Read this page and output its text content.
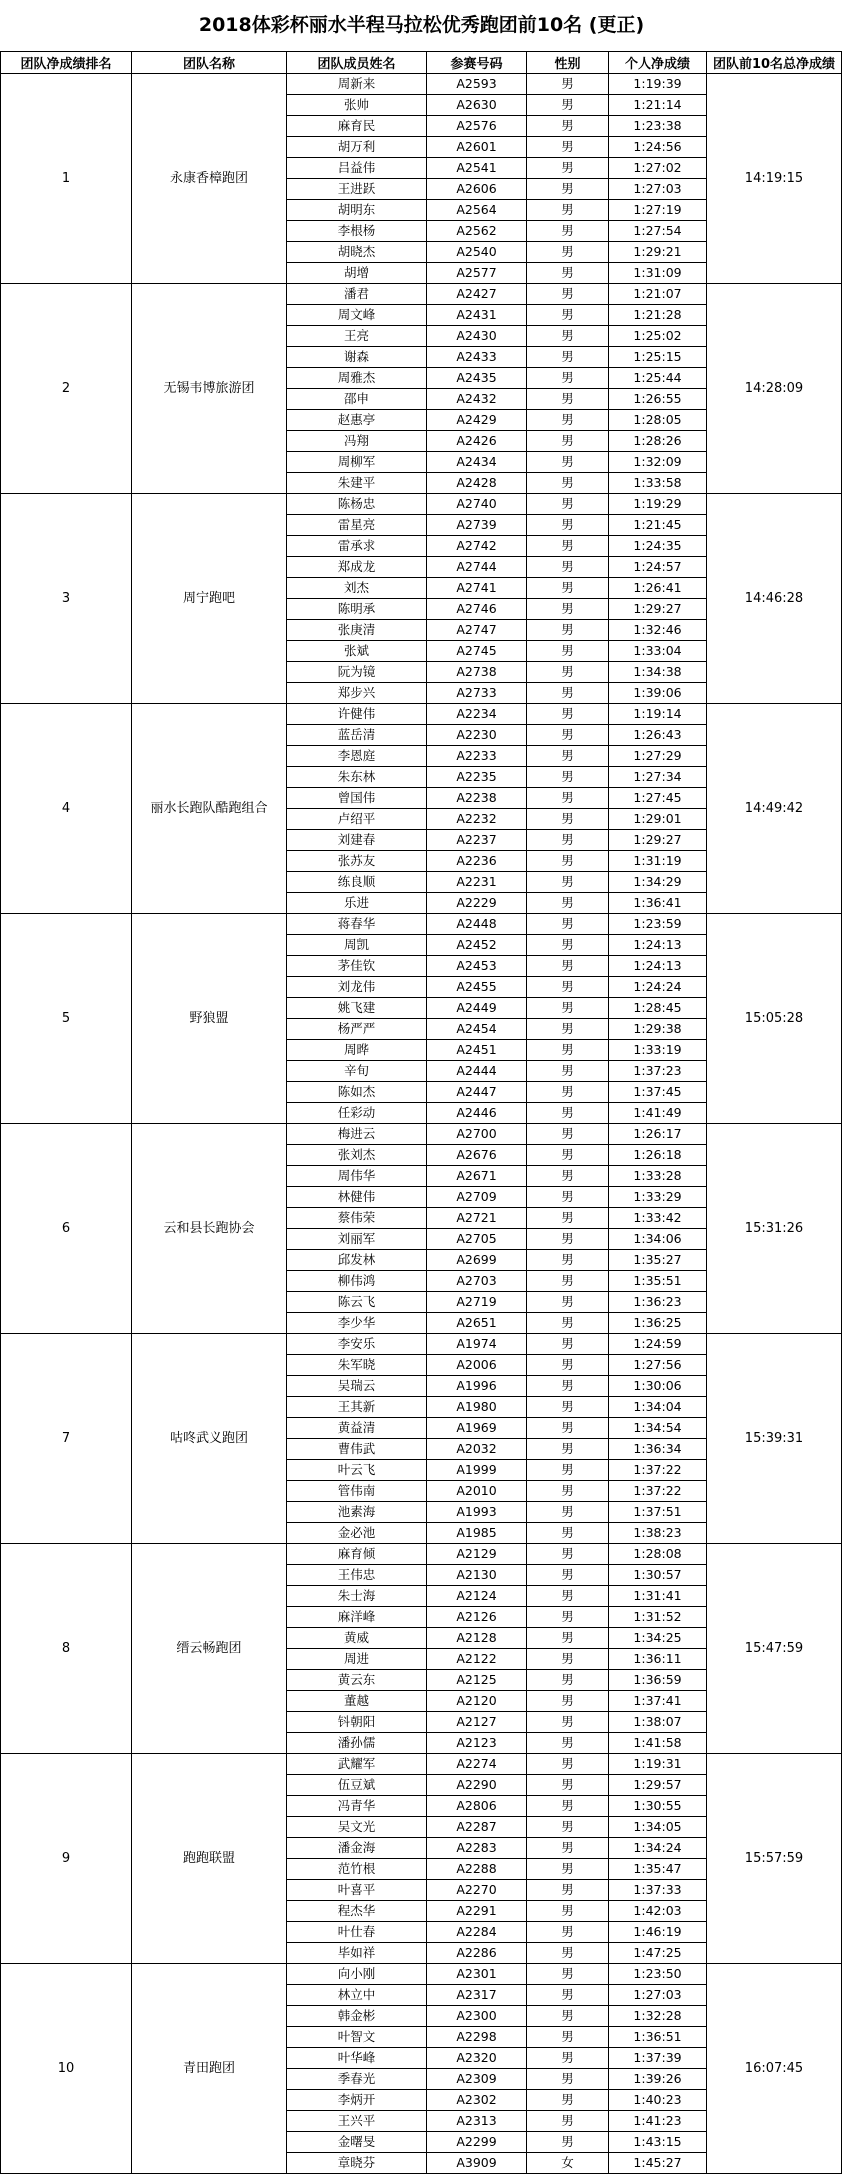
2018体彩杯丽水半程马拉松优秀跑团前10名 (更正)
团队净成绩排名	团队名称	团队成员姓名	参赛号码	性别	个人净成绩	团队前10名总净成绩
1	永康香樟跑团	周新来	A2593	男	1:19:39	14:19:15
		张帅	A2630	男	1:21:14	
		麻育民	A2576	男	1:23:38	
		胡万利	A2601	男	1:24:56	
		吕益伟	A2541	男	1:27:02	
		王进跃	A2606	男	1:27:03	
		胡明东	A2564	男	1:27:19	
		李根杨	A2562	男	1:27:54	
		胡晓杰	A2540	男	1:29:21	
		胡增	A2577	男	1:31:09	
2	无锡韦博旅游团	潘君	A2427	男	1:21:07	14:28:09
		周文峰	A2431	男	1:21:28	
		王亮	A2430	男	1:25:02	
		谢森	A2433	男	1:25:15	
		周雅杰	A2435	男	1:25:44	
		邵申	A2432	男	1:26:55	
		赵惠亭	A2429	男	1:28:05	
		冯翔	A2426	男	1:28:26	
		周柳军	A2434	男	1:32:09	
		朱建平	A2428	男	1:33:58	
3	周宁跑吧	陈杨忠	A2740	男	1:19:29	14:46:28
		雷星亮	A2739	男	1:21:45	
		雷承求	A2742	男	1:24:35	
		郑成龙	A2744	男	1:24:57	
		刘杰	A2741	男	1:26:41	
		陈明承	A2746	男	1:29:27	
		张庚清	A2747	男	1:32:46	
		张斌	A2745	男	1:33:04	
		阮为镜	A2738	男	1:34:38	
		郑步兴	A2733	男	1:39:06	
4	丽水长跑队酷跑组合	许健伟	A2234	男	1:19:14	14:49:42
		蓝岳清	A2230	男	1:26:43	
		李恩庭	A2233	男	1:27:29	
		朱东林	A2235	男	1:27:34	
		曾国伟	A2238	男	1:27:45	
		卢绍平	A2232	男	1:29:01	
		刘建春	A2237	男	1:29:27	
		张苏友	A2236	男	1:31:19	
		练良顺	A2231	男	1:34:29	
		乐进	A2229	男	1:36:41	
5	野狼盟	蒋春华	A2448	男	1:23:59	15:05:28
		周凯	A2452	男	1:24:13	
		茅佳钦	A2453	男	1:24:13	
		刘龙伟	A2455	男	1:24:24	
		姚飞建	A2449	男	1:28:45	
		杨严严	A2454	男	1:29:38	
		周晔	A2451	男	1:33:19	
		辛旬	A2444	男	1:37:23	
		陈如杰	A2447	男	1:37:45	
		任彩动	A2446	男	1:41:49	
6	云和县长跑协会	梅进云	A2700	男	1:26:17	15:31:26
		张刘杰	A2676	男	1:26:18	
		周伟华	A2671	男	1:33:28	
		林健伟	A2709	男	1:33:29	
		蔡伟荣	A2721	男	1:33:42	
		刘丽军	A2705	男	1:34:06	
		邱发林	A2699	男	1:35:27	
		柳伟鸿	A2703	男	1:35:51	
		陈云飞	A2719	男	1:36:23	
		李少华	A2651	男	1:36:25	
7	咕咚武义跑团	李安乐	A1974	男	1:24:59	15:39:31
		朱军晓	A2006	男	1:27:56	
		吴瑞云	A1996	男	1:30:06	
		王其新	A1980	男	1:34:04	
		黄益清	A1969	男	1:34:54	
		曹伟武	A2032	男	1:36:34	
		叶云飞	A1999	男	1:37:22	
		管伟南	A2010	男	1:37:22	
		池素海	A1993	男	1:37:51	
		金必池	A1985	男	1:38:23	
8	缙云畅跑团	麻育倾	A2129	男	1:28:08	15:47:59
		王伟忠	A2130	男	1:30:57	
		朱士海	A2124	男	1:31:41	
		麻洋峰	A2126	男	1:31:52	
		黄威	A2128	男	1:34:25	
		周进	A2122	男	1:36:11	
		黄云东	A2125	男	1:36:59	
		董越	A2120	男	1:37:41	
		钭朝阳	A2127	男	1:38:07	
		潘孙儒	A2123	男	1:41:58	
9	跑跑联盟	武耀军	A2274	男	1:19:31	15:57:59
		伍豆斌	A2290	男	1:29:57	
		冯青华	A2806	男	1:30:55	
		吴文光	A2287	男	1:34:05	
		潘金海	A2283	男	1:34:24	
		范竹根	A2288	男	1:35:47	
		叶喜平	A2270	男	1:37:33	
		程杰华	A2291	男	1:42:03	
		叶仕春	A2284	男	1:46:19	
		毕如祥	A2286	男	1:47:25	
10	青田跑团	向小刚	A2301	男	1:23:50	16:07:45
		林立中	A2317	男	1:27:03	
		韩金彬	A2300	男	1:32:28	
		叶智文	A2298	男	1:36:51	
		叶华峰	A2320	男	1:37:39	
		季春光	A2309	男	1:39:26	
		李炳开	A2302	男	1:40:23	
		王兴平	A2313	男	1:41:23	
		金曙旻	A2299	男	1:43:15	
		章晓芬	A3909	女	1:45:27	
